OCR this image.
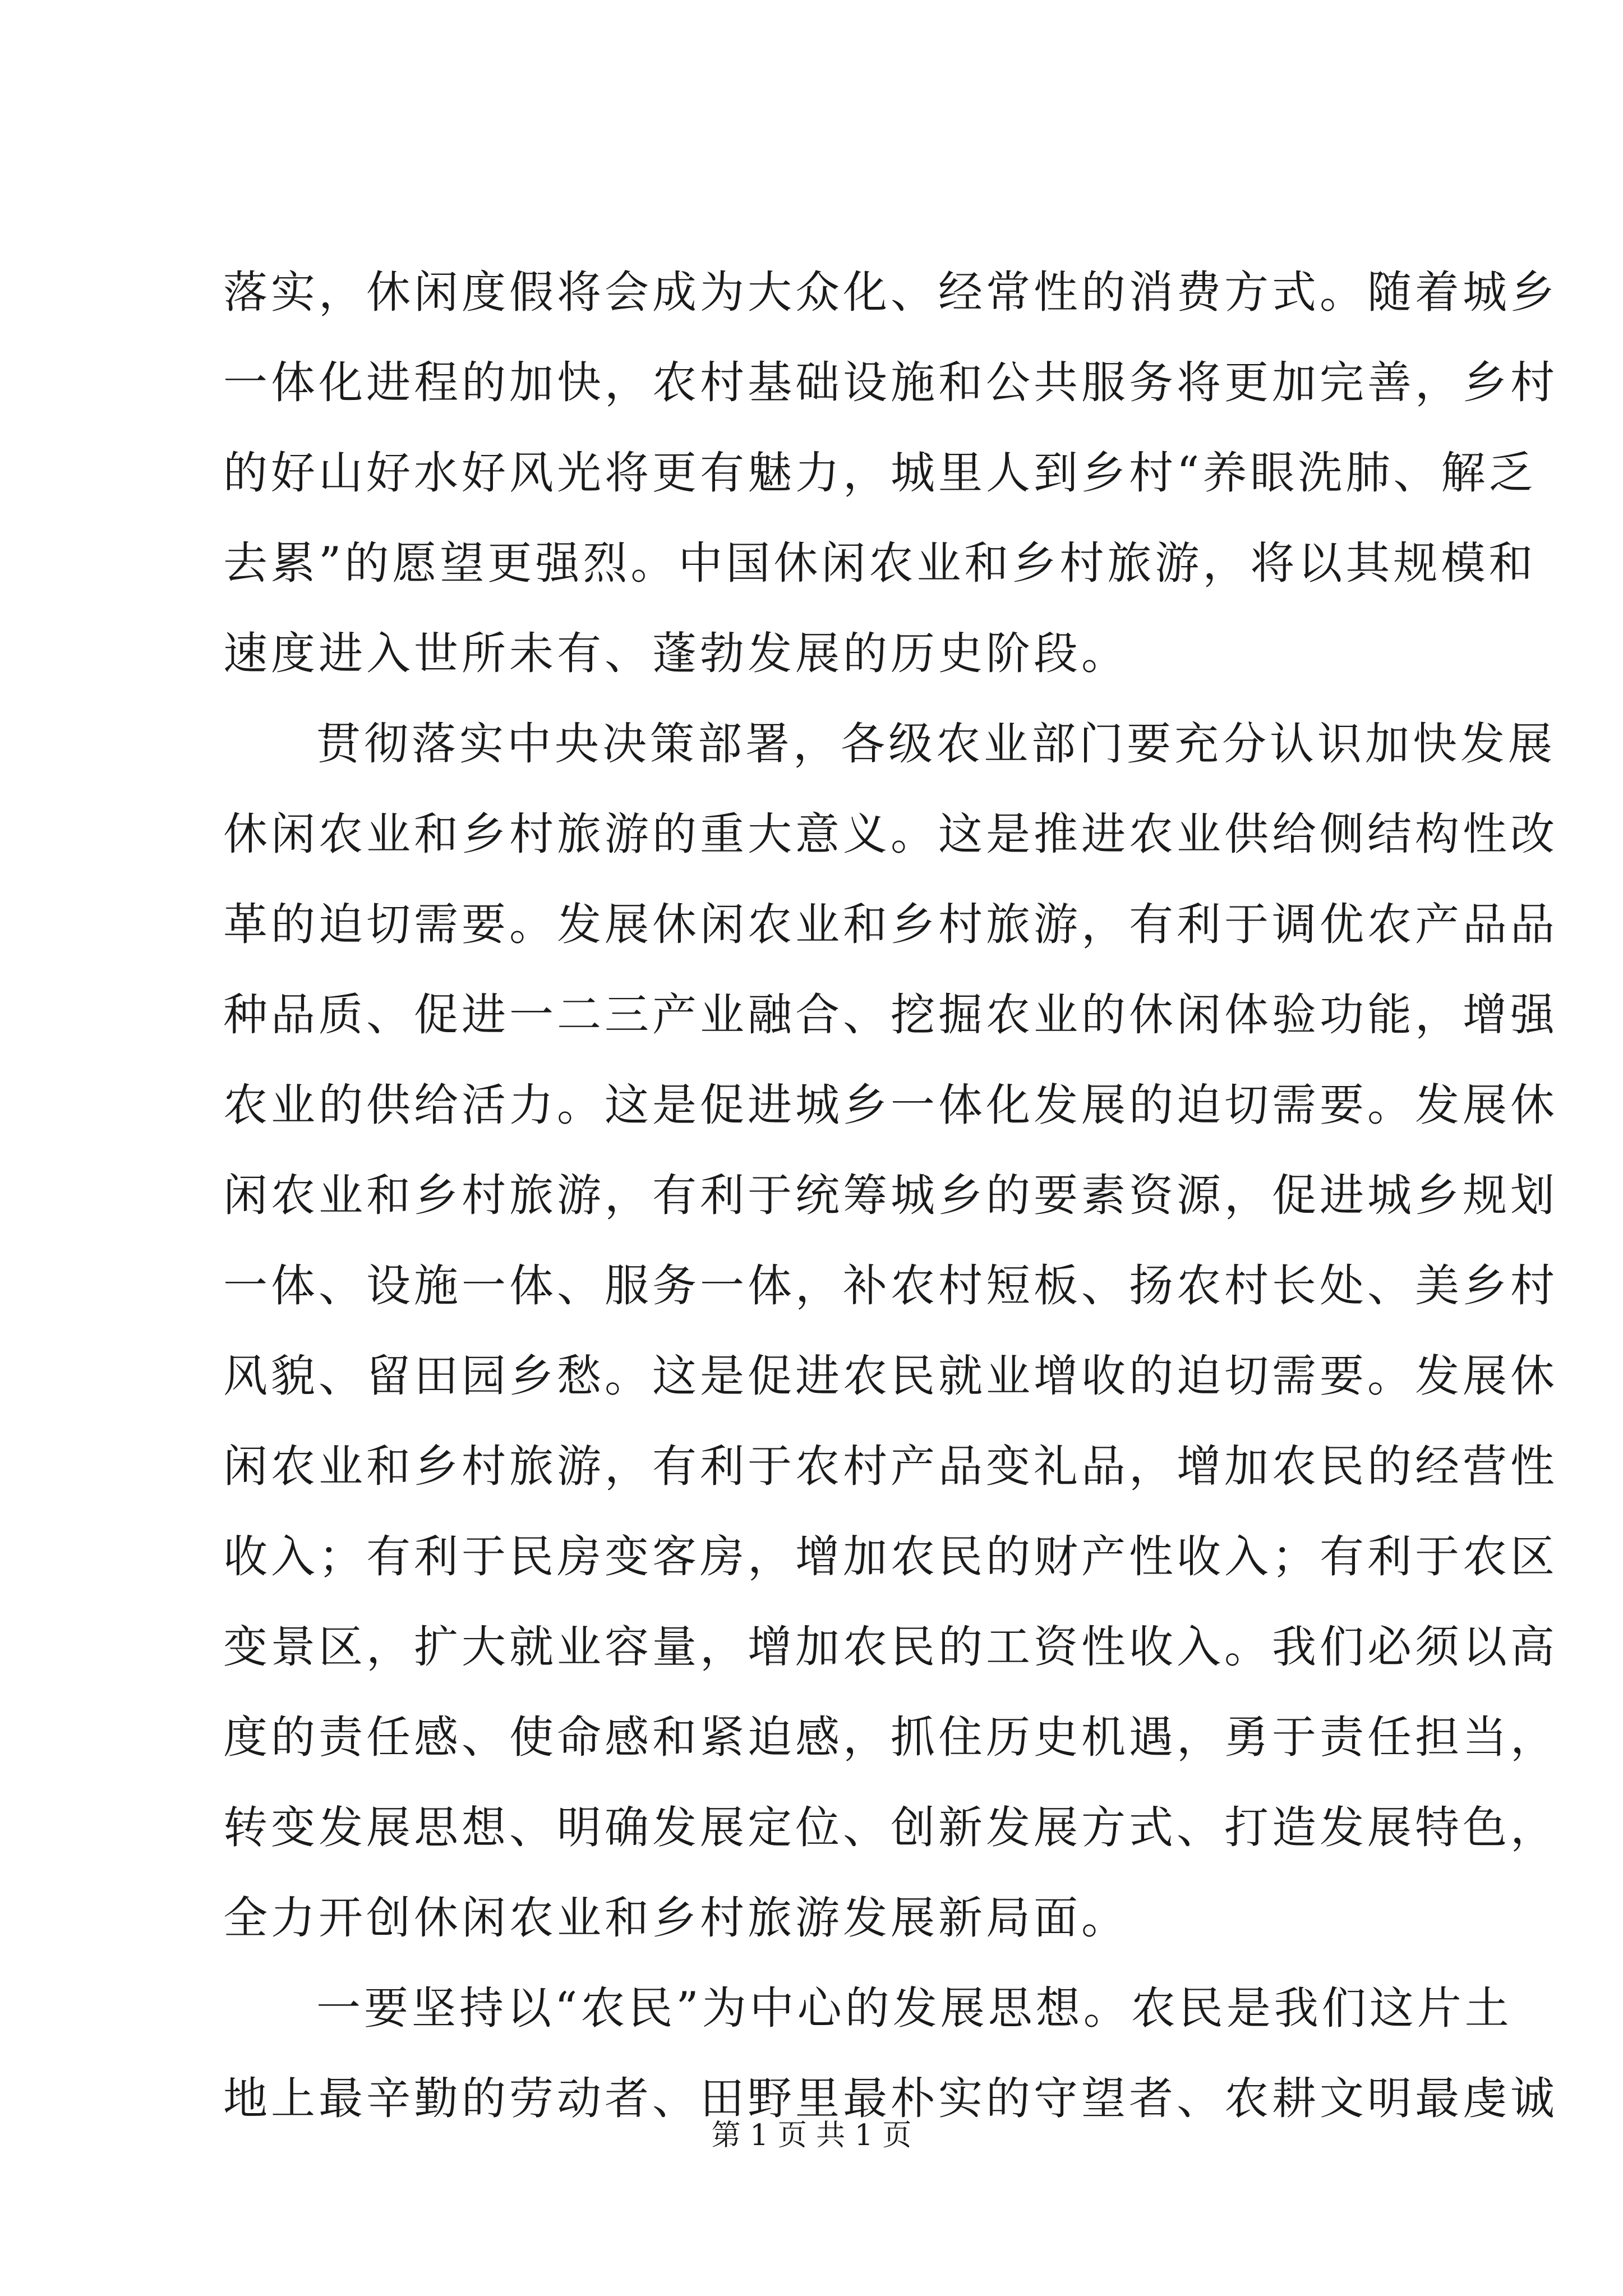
落实，休闲度假将会成为大众化、经常性的消费方式。随着城乡
一体化进程的加快，农村基础设施和公共服务将更加完善，乡村
的好山好水好风光将更有魅力，城里人到乡村“养眼洗肺、解乏
去累”的愿望更强烈。中国休闲农业和乡村旅游，将以其规模和
速度进入世所未有、蓬勃发展的历史阶段。
贯彻落实中央决策部署，各级农业部门要充分认识加快发展
休闲农业和乡村旅游的重大意义。这是推进农业供给侧结构性改
革的迫切需要。发展休闲农业和乡村旅游，有利于调优农产品品
种品质、促进一二三产业融合、挖掘农业的休闲体验功能，增强
农业的供给活力。这是促进城乡一体化发展的迫切需要。发展休
闲农业和乡村旅游，有利于统筹城乡的要素资源，促进城乡规划
一体、设施一体、服务一体，补农村短板、扬农村长处、美乡村
风貌、留田园乡愁。这是促进农民就业增收的迫切需要。发展休
闲农业和乡村旅游，有利于农村产品变礼品，增加农民的经营性
收入；有利于民房变客房，增加农民的财产性收入；有利于农区
变景区，扩大就业容量，增加农民的工资性收入。我们必须以高
度的责任感、使命感和紧迫感，抓住历史机遇，勇于责任担当，
转变发展思想、明确发展定位、创新发展方式、打造发展特色，
全力开创休闲农业和乡村旅游发展新局面。
一要坚持以“农民”为中心的发展思想。农民是我们这片土
地上最辛勤的劳动者、田野里最朴实的守望者、农耕文明最虔诚
第 1 页 共 1 页
